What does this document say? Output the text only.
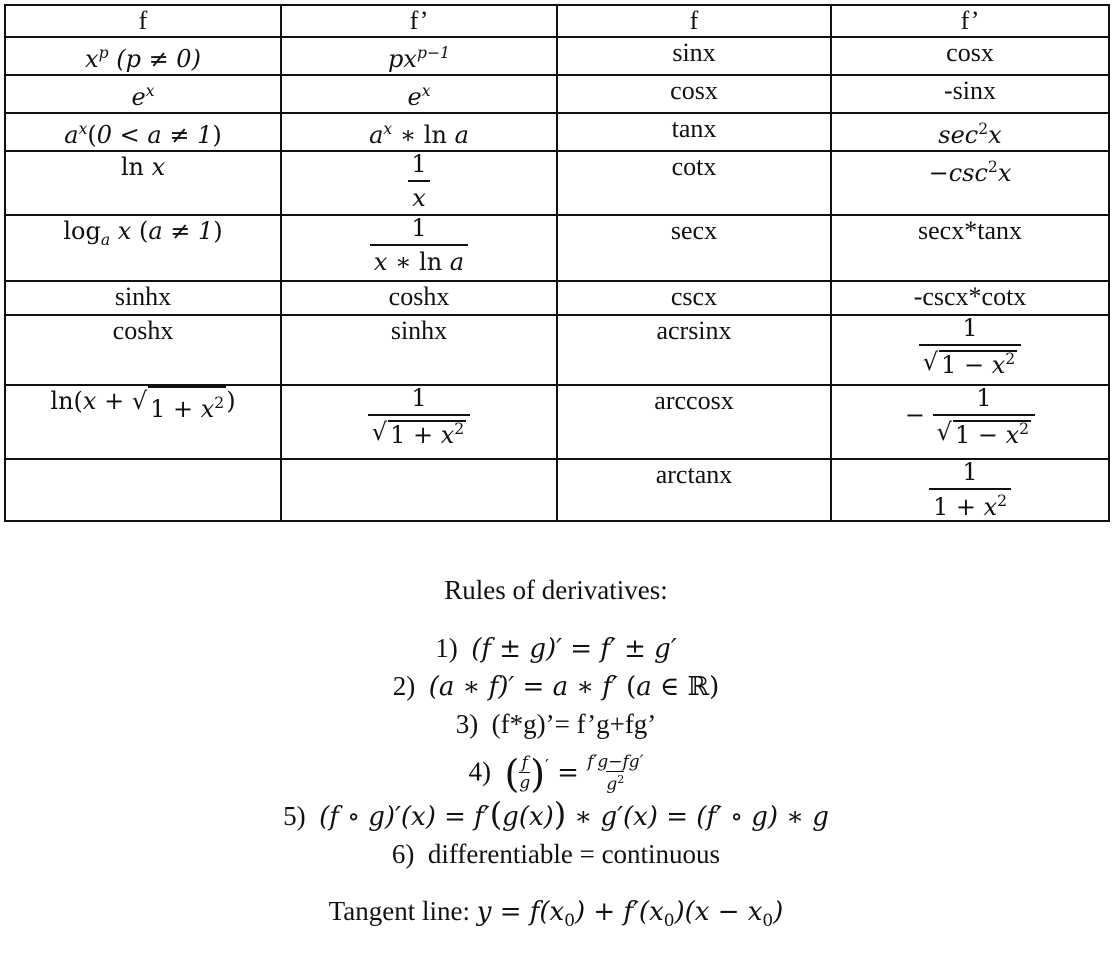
f	f’	f	f’
$x^p$ (p ≠ 0)	$px^{p-1}$	sinx	cosx
$e^x$	$e^x$	cosx	-sinx
$a^x(0 < a \ne 1)$	$a^x$ ∗ ln a	tanx	$\sec^2x$
ln x	$\frac{1}{x}$	cotx	$-\csc^2x$
$\log_a x$ (a ≠ 1)	$\frac{1}{\text{x ∗ ln a}}$	secx	secx*tanx
sinhx	coshx	cscx	-cscx*cotx
coshx	sinhx	acrsinx	$\frac{1}{√ 1 - x^2}$

ln(x + √ $1 + x^2$ )	$\frac{1}{√ 1 + x^2}$	arccosx	− $\frac{1}{√ 1 - x^2}$

		arctanx	$\frac{1}{1 + x^2}$
Rules of derivatives:
1)  (f ± g)′ = f′ ± g′
2)  (a ∗ f)′ = a ∗ f′ (a ∈ ℝ)
3)  (f*g)’= f’g+fg’
4)  ( $\frac{f}{g} )' = \frac{f'g-fg'}{g^2}$
5)  (f ∘ g)′(x) = f′(g(x)) ∗ g′(x) = (f′ ∘ g) ∗ g
6)  differentiable = continuous
Tangent line: $y = f(x_0) + f'(x_0)(x - x_0)$
